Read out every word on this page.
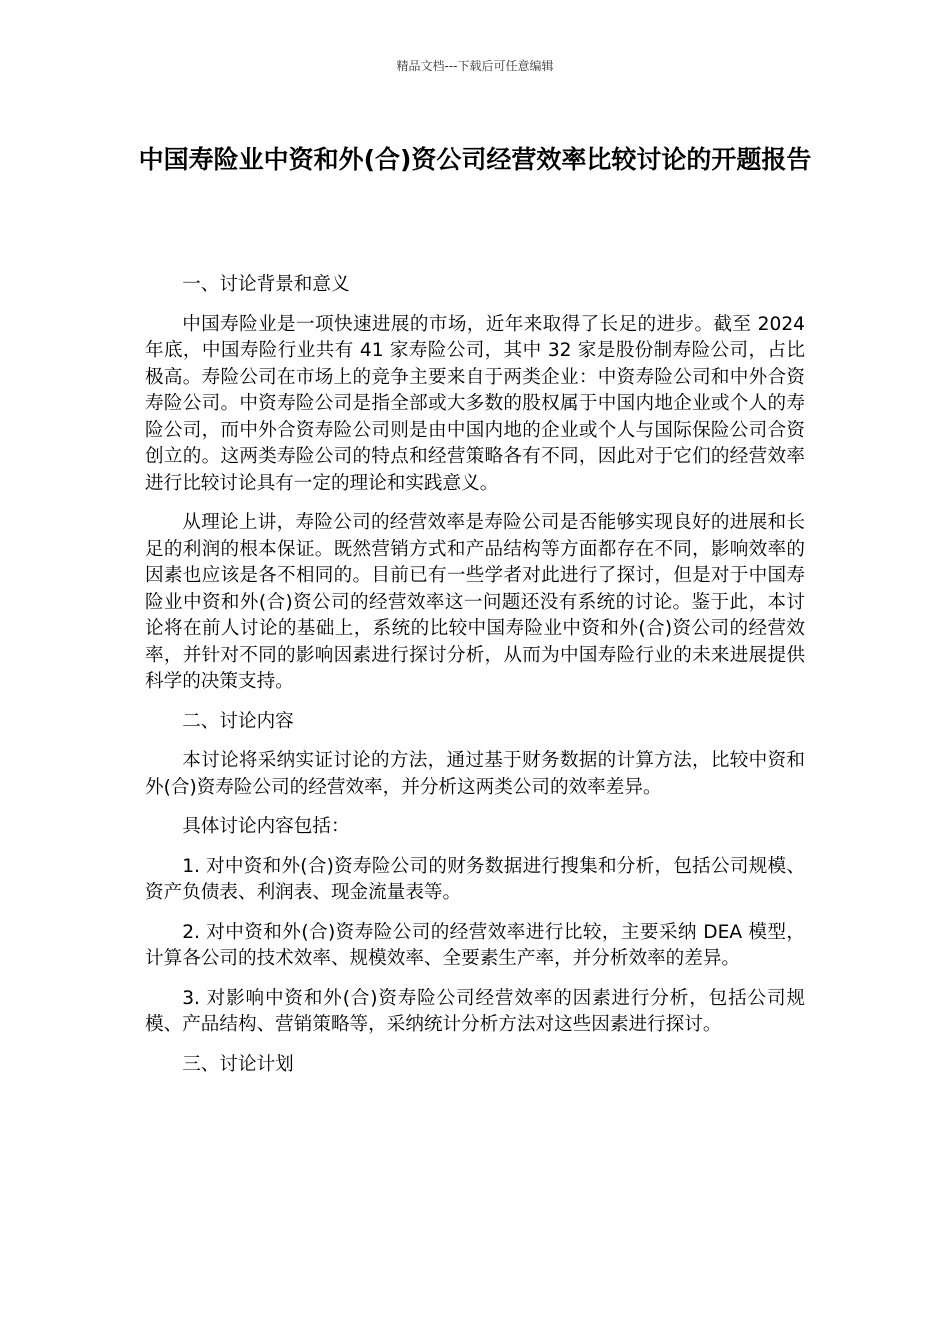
精品文档---下载后可任意编辑
中国寿险业中资和外(合)资公司经营效率比较讨论的开题报告

一、讨论背景和意义

中国寿险业是一项快速进展的市场，近年来取得了长足的进步。截至 2024 年底，中国寿险行业共有 41 家寿险公司，其中 32 家是股份制寿险公司，占比极高。寿险公司在市场上的竞争主要来自于两类企业：中资寿险公司和中外合资寿险公司。中资寿险公司是指全部或大多数的股权属于中国内地企业或个人的寿险公司，而中外合资寿险公司则是由中国内地的企业或个人与国际保险公司合资创立的。这两类寿险公司的特点和经营策略各有不同，因此对于它们的经营效率进行比较讨论具有一定的理论和实践意义。

从理论上讲，寿险公司的经营效率是寿险公司是否能够实现良好的进展和长足的利润的根本保证。既然营销方式和产品结构等方面都存在不同，影响效率的因素也应该是各不相同的。目前已有一些学者对此进行了探讨，但是对于中国寿险业中资和外(合)资公司的经营效率这一问题还没有系统的讨论。鉴于此，本讨论将在前人讨论的基础上，系统的比较中国寿险业中资和外(合)资公司的经营效率，并针对不同的影响因素进行探讨分析，从而为中国寿险行业的未来进展提供科学的决策支持。

二、讨论内容

本讨论将采纳实证讨论的方法，通过基于财务数据的计算方法，比较中资和外(合)资寿险公司的经营效率，并分析这两类公司的效率差异。

具体讨论内容包括：

1. 对中资和外(合)资寿险公司的财务数据进行搜集和分析，包括公司规模、资产负债表、利润表、现金流量表等。

2. 对中资和外(合)资寿险公司的经营效率进行比较，主要采纳 DEA 模型，计算各公司的技术效率、规模效率、全要素生产率，并分析效率的差异。

3. 对影响中资和外(合)资寿险公司经营效率的因素进行分析，包括公司规模、产品结构、营销策略等，采纳统计分析方法对这些因素进行探讨。

三、讨论计划
